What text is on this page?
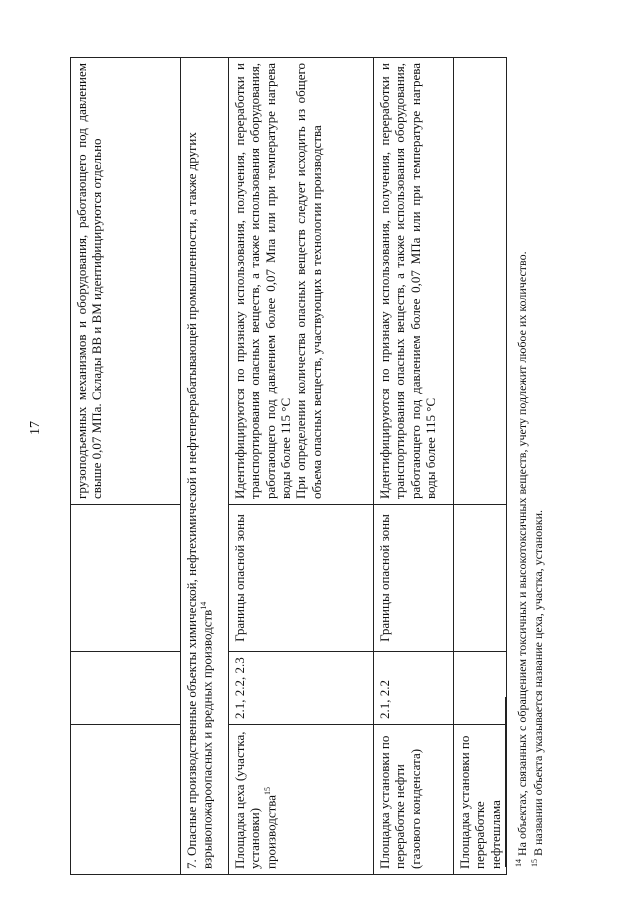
17
			грузоподъемных механизмов и оборудования, работающего под давлением свыше 0,07 МПа. Склады ВВ и ВМ идентифицируются отдельно
7. Опасные производственные объекты химической, нефтехимической и нефтеперерабатывающей промышленности, а также других взрывопожароопасных и вредных производств$^{14}$
Площадка цеха (участка, установки) производства$^{15}$	2.1, 2.2, 2.3	Границы опасной зоны	Идентифицируются по признаку использования, получения, переработки и транспортирования опасных веществ, а также использования оборудования, работающего под давлением более 0,07 Мпа или при температуре нагрева воды более 115 °С При определении количества опасных веществ следует исходить из общего объема опасных веществ, участвующих в технологии производства

Площадка установки по переработке нефти (газового конденсата)	2.1, 2.2	Границы опасной зоны	Идентифицируются по признаку использования, получения, переработки и транспортирования опасных веществ, а также использования оборудования, работающего под давлением более 0,07 МПа или при температуре нагрева воды более 115 °С
Площадка установки по переработке нефтешлама			$^{14}$ На объектах, связанных с обращением токсичных и высокотоксичных веществ, учету подлежит любое их количество.
$^{15}$ В названии объекта указывается название цеха, участка, установки.
